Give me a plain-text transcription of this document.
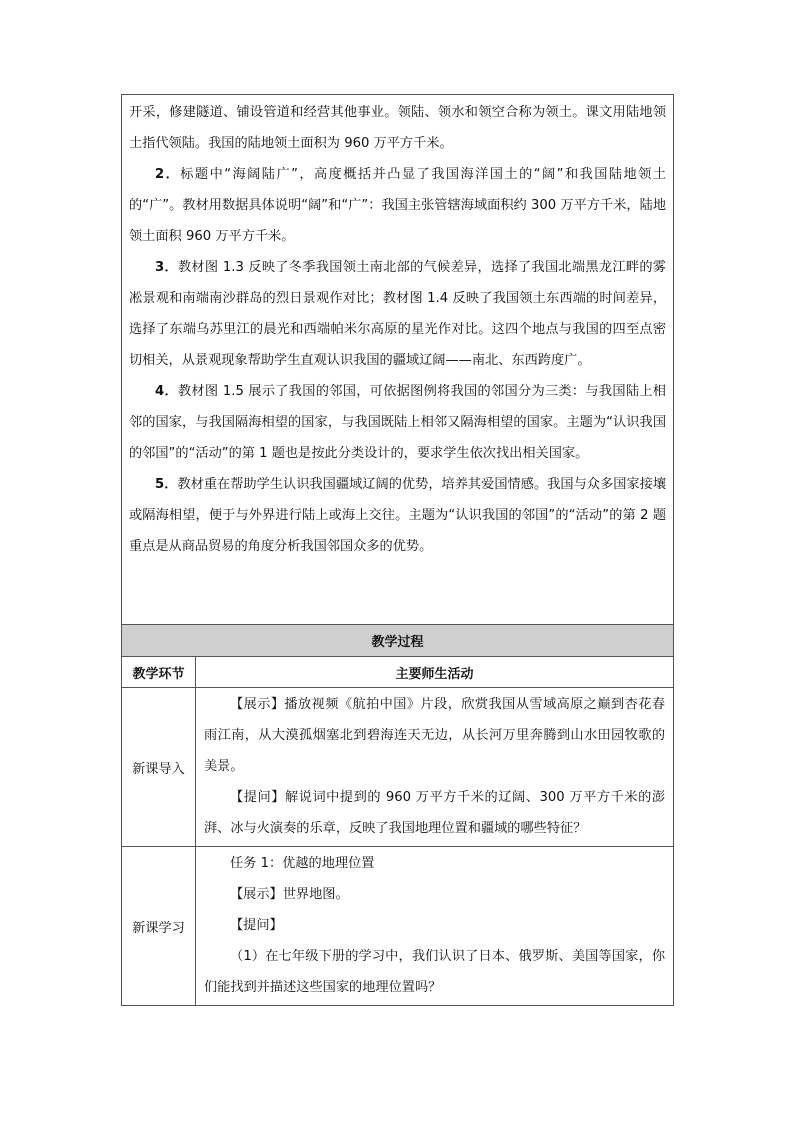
开采，修建隧道、铺设管道和经营其他事业。领陆、领水和领空合称为领土。课文用陆地领土指代领陆。我国的陆地领土面积为 960 万平方千米。

2．标题中“海阔陆广”，高度概括并凸显了我国海洋国土的“阔”和我国陆地领土的“广”。教材用数据具体说明“阔”和“广”：我国主张管辖海域面积约 300 万平方千米，陆地领土面积 960 万平方千米。

3．教材图 1.3 反映了冬季我国领土南北部的气候差异，选择了我国北端黑龙江畔的雾凇景观和南端南沙群岛的烈日景观作对比；教材图 1.4 反映了我国领土东西端的时间差异，选择了东端乌苏里江的晨光和西端帕米尔高原的星光作对比。这四个地点与我国的四至点密切相关，从景观现象帮助学生直观认识我国的疆域辽阔——南北、东西跨度广。

4．教材图 1.5 展示了我国的邻国，可依据图例将我国的邻国分为三类：与我国陆上相邻的国家，与我国隔海相望的国家，与我国既陆上相邻又隔海相望的国家。主题为“认识我国的邻国”的“活动”的第 1 题也是按此分类设计的，要求学生依次找出相关国家。

5．教材重在帮助学生认识我国疆域辽阔的优势，培养其爱国情感。我国与众多国家接壤或隔海相望，便于与外界进行陆上或海上交往。主题为“认识我国的邻国”的“活动”的第 2 题重点是从商品贸易的角度分析我国邻国众多的优势。	

教学过程	
教学环节	主要师生活动
新课导入	【展示】播放视频《航拍中国》片段，欣赏我国从雪域高原之巅到杏花春雨江南，从大漠孤烟塞北到碧海连天无边，从长河万里奔腾到山水田园牧歌的美景。

【提问】解说词中提到的 960 万平方千米的辽阔、300 万平方千米的澎湃、冰与火演奏的乐章，反映了我国地理位置和疆域的哪些特征？

新课学习	任务 1：优越的地理位置

【展示】世界地图。

【提问】

（1）在七年级下册的学习中，我们认识了日本、俄罗斯、美国等国家，你们能找到并描述这些国家的地理位置吗？
